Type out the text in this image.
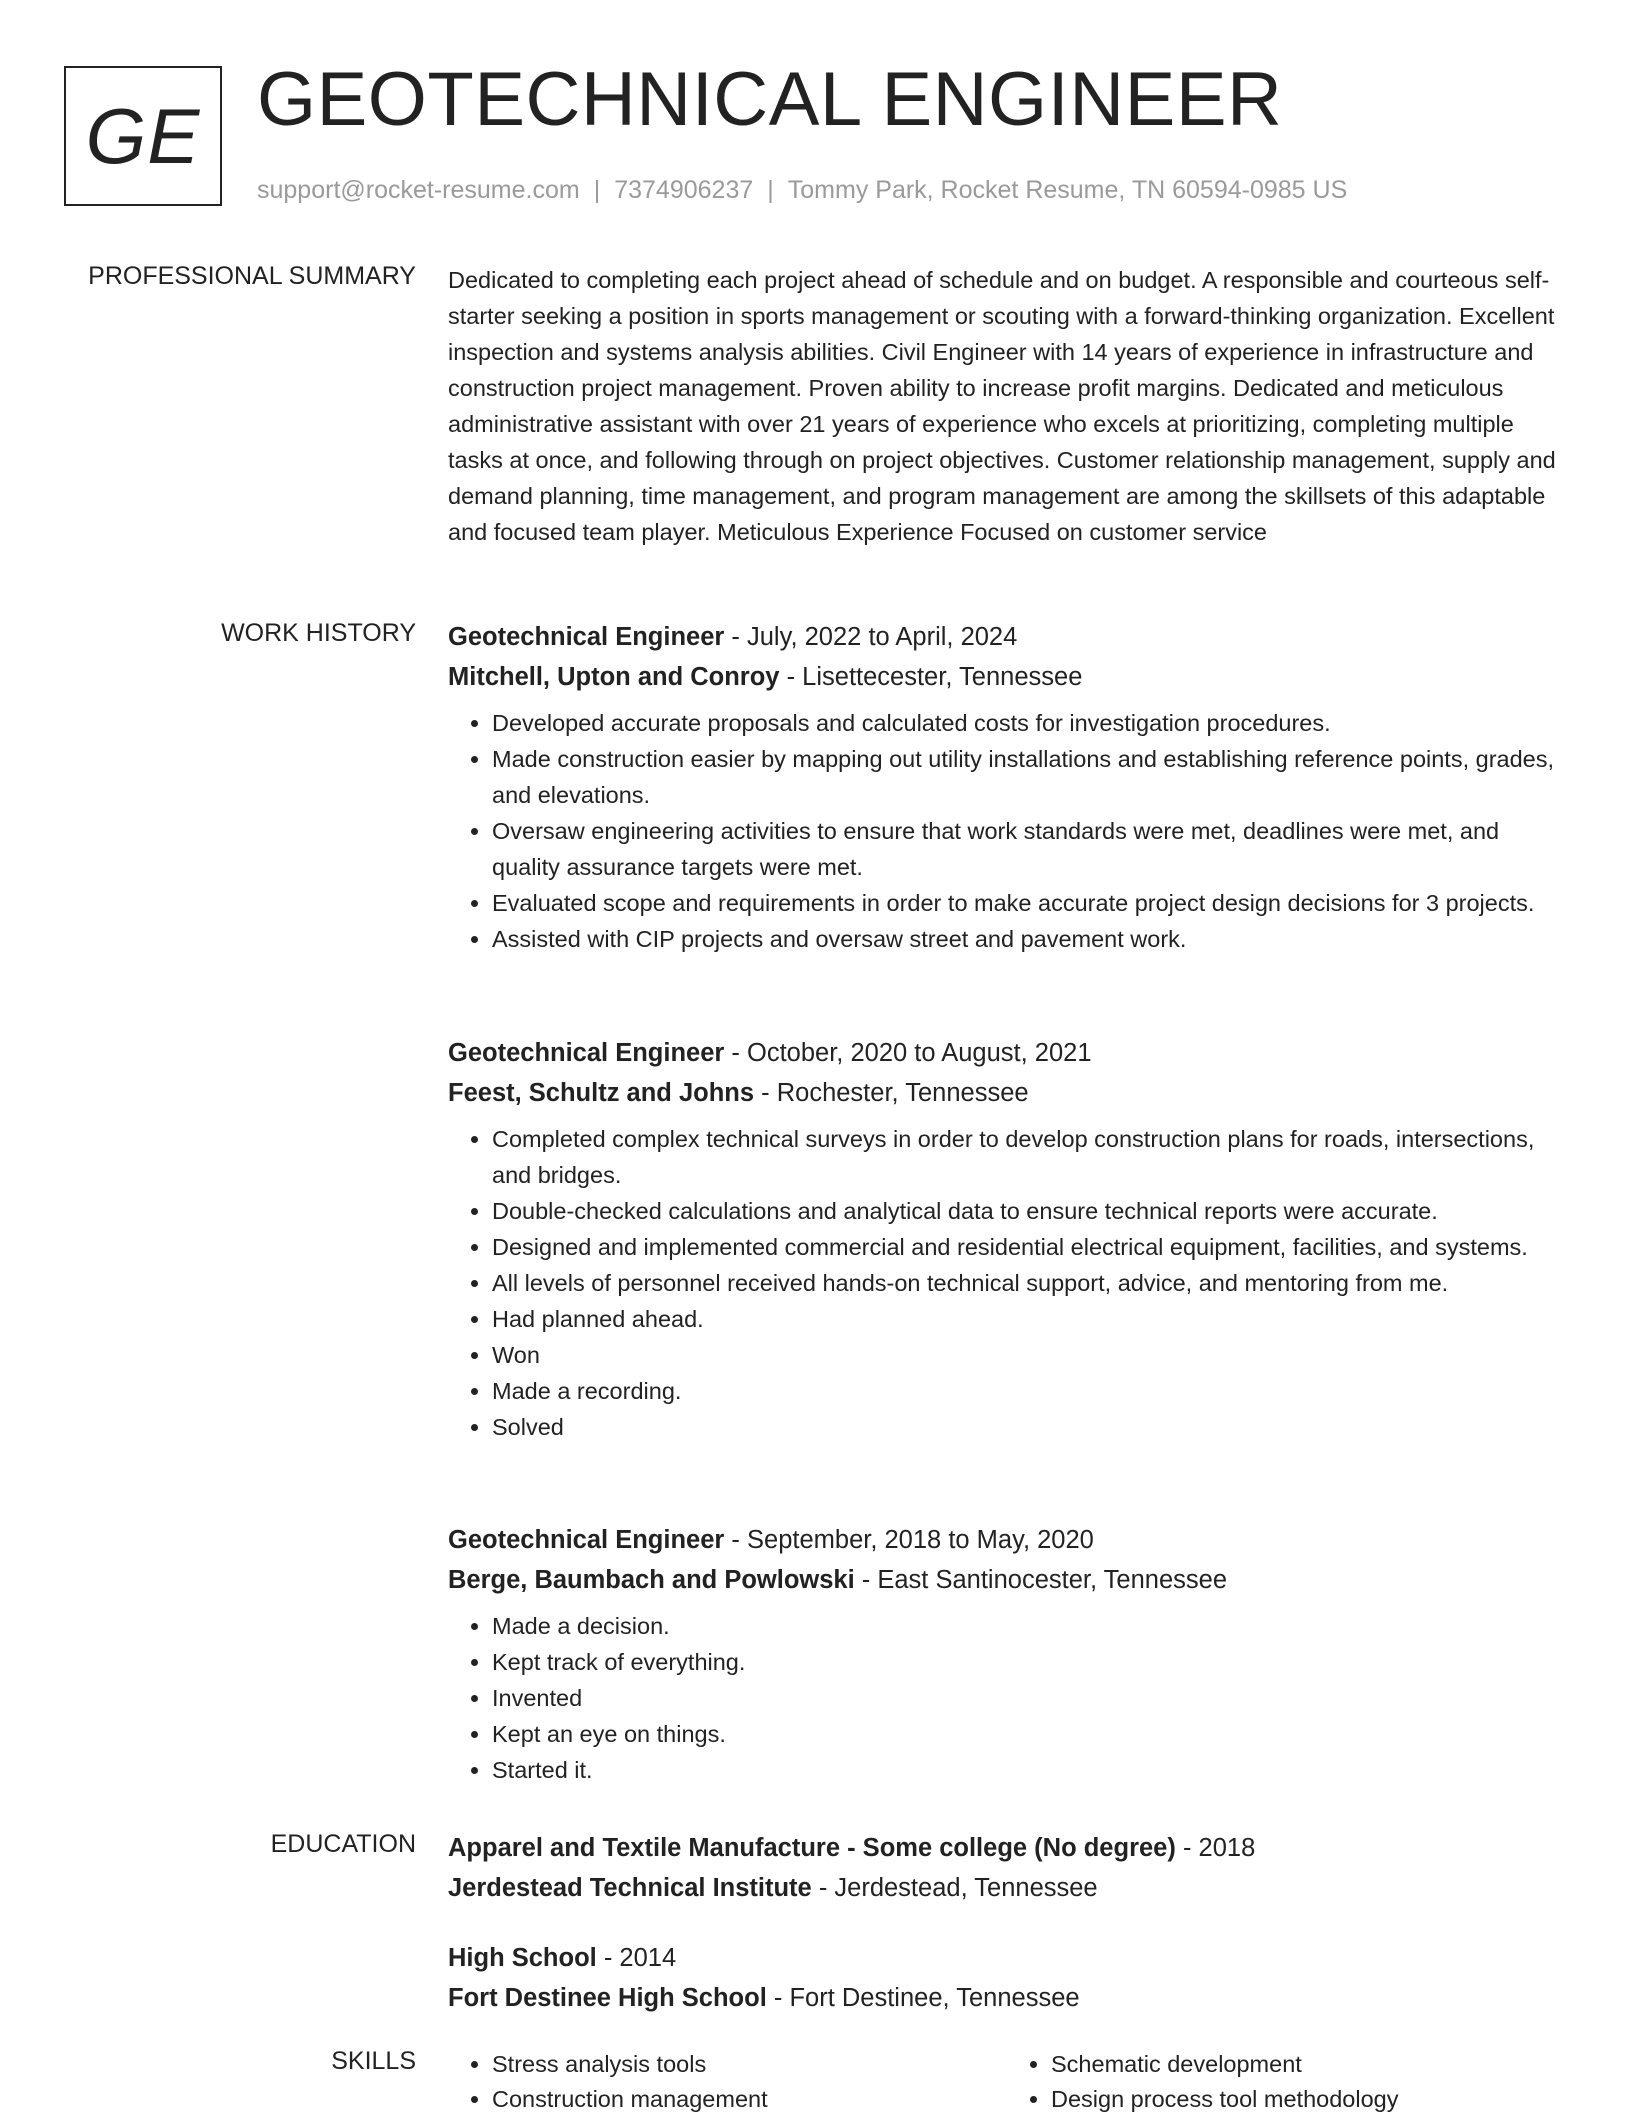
GE GEOTECHNICAL ENGINEER
support@rocket-resume.com | 7374906237 | Tommy Park, Rocket Resume, TN 60594-0985 US
PROFESSIONAL SUMMARY Dedicated to completing each project ahead of schedule and on budget. A responsible and courteous self-starter seeking a position in sports management or scouting with a forward-thinking organization. Excellent inspection and systems analysis abilities. Civil Engineer with 14 years of experience in infrastructure and construction project management. Proven ability to increase profit margins. Dedicated and meticulous administrative assistant with over 21 years of experience who excels at prioritizing, completing multiple tasks at once, and following through on project objectives. Customer relationship management, supply and demand planning, time management, and program management are among the skillsets of this adaptable and focused team player. Meticulous Experience Focused on customer service

WORK HISTORY Geotechnical Engineer - July, 2022 to April, 2024
Mitchell, Upton and Conroy - Lisettecester, Tennessee
• Developed accurate proposals and calculated costs for investigation procedures.
• Made construction easier by mapping out utility installations and establishing reference points, grades, and elevations.
• Oversaw engineering activities to ensure that work standards were met, deadlines were met, and quality assurance targets were met.
• Evaluated scope and requirements in order to make accurate project design decisions for 3 projects.
• Assisted with CIP projects and oversaw street and pavement work.
Geotechnical Engineer - October, 2020 to August, 2021
Feest, Schultz and Johns - Rochester, Tennessee
• Completed complex technical surveys in order to develop construction plans for roads, intersections, and bridges.
• Double-checked calculations and analytical data to ensure technical reports were accurate.
• Designed and implemented commercial and residential electrical equipment, facilities, and systems.
• All levels of personnel received hands-on technical support, advice, and mentoring from me.
• Had planned ahead.
• Won
• Made a recording.
• Solved
Geotechnical Engineer - September, 2018 to May, 2020
Berge, Baumbach and Powlowski - East Santinocester, Tennessee
• Made a decision.
• Kept track of everything.
• Invented
• Kept an eye on things.
• Started it.
EDUCATION Apparel and Textile Manufacture - Some college (No degree) - 2018
Jerdestead Technical Institute - Jerdestead, Tennessee
High School - 2014
Fort Destinee High School - Fort Destinee, Tennessee
SKILLS
•	Stress analysis tools
• Construction management
• Schematic development
• Design process tool methodology
